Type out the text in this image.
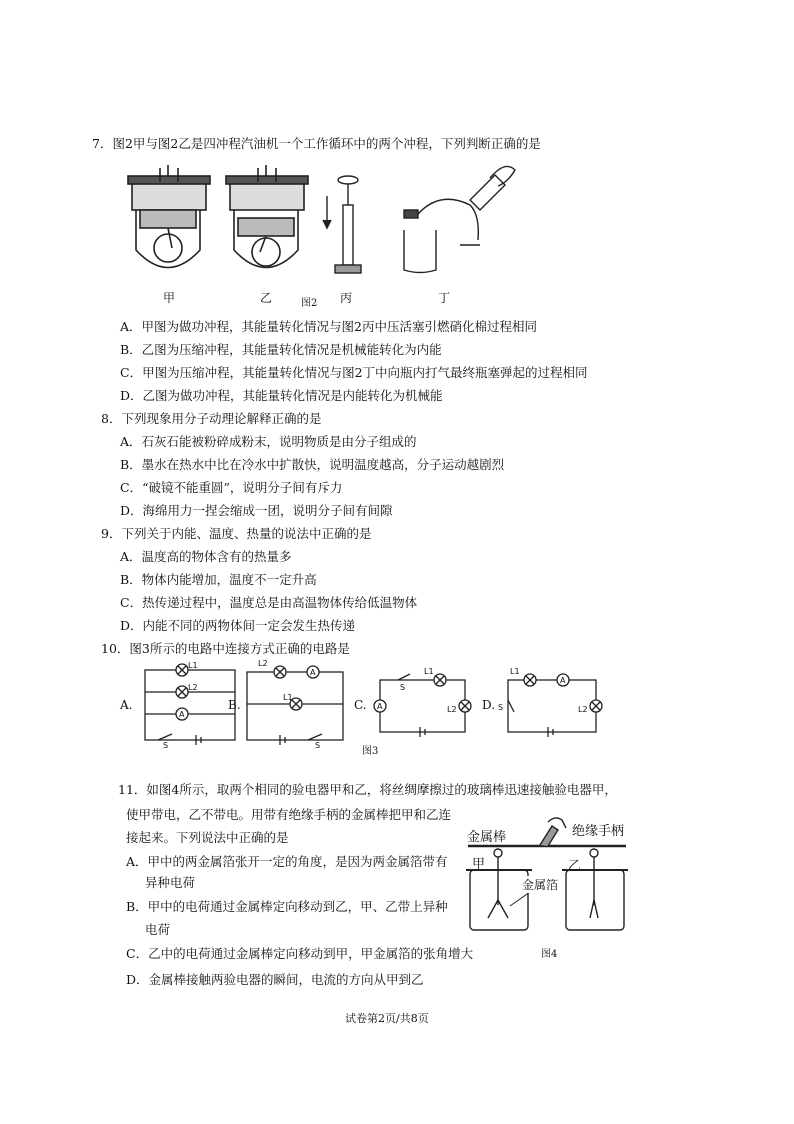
7．图2甲与图2乙是四冲程汽油机一个工作循环中的两个冲程，下列判断正确的是
甲	乙	图2 丙	丁
A．甲图为做功冲程，其能量转化情况与图2丙中压活塞引燃硝化棉过程相同
B．乙图为压缩冲程，其能量转化情况是机械能转化为内能
C．甲图为压缩冲程，其能量转化情况与图2丁中向瓶内打气最终瓶塞弹起的过程相同
D．乙图为做功冲程，其能量转化情况是内能转化为机械能
8．下列现象用分子动理论解释正确的是
A．石灰石能被粉碎成粉末，说明物质是由分子组成的
B．墨水在热水中比在冷水中扩散快，说明温度越高，分子运动越剧烈
C．“破镜不能重圆”，说明分子间有斥力
D．海绵用力一捏会缩成一团，说明分子间有间隙
9．下列关于内能、温度、热量的说法中正确的是
A．温度高的物体含有的热量多
B．物体内能增加，温度不一定升高
C．热传递过程中，温度总是由高温物体传给低温物体
D．内能不同的两物体间一定会发生热传递
10．图3所示的电路中连接方式正确的电路是
A.	B.	C.	D.
L1
L2
A
S
L2
A
L1
S
A
S
L1
L2
L1
A
S	L2
图3
11．如图4所示，取两个相同的验电器甲和乙，将丝绸摩擦过的玻璃棒迅速接触验电器甲，
使甲带电，乙不带电。用带有绝缘手柄的金属棒把甲和乙连
接起来。下列说法中正确的是
A．甲中的两金属箔张开一定的角度，是因为两金属箔带有
异种电荷
B．甲中的电荷通过金属棒定向移动到乙，甲、乙带上异种
电荷
C．乙中的电荷通过金属棒定向移动到甲，甲金属箔的张角增大
D．金属棒接触两验电器的瞬间，电流的方向从甲到乙
金属棒	绝缘手柄
甲	乙
金属箔
图4
试卷第2页/共8页
